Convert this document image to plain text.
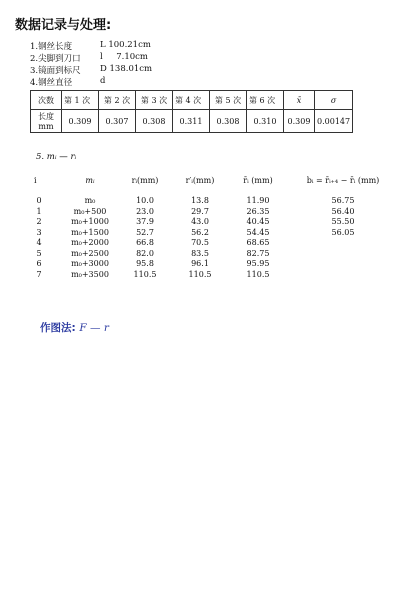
数据记录与处理:
1.钢丝长度	L 100.21cm
2.尖脚到刀口 l     7.10cm
3.镜面到标尺 D 138.01cm
4.钢丝直径	d
次数	第 1 次	第 2 次	第 3 次	第 4 次	第 5 次	第 6 次	x̄	σ
长度 mm	0.309	0.307	0.308	0.311	0.308	0.310	0.309	0.00147
5. mᵢ — rᵢ
i	mᵢ	rᵢ(mm)	r′ᵢ(mm)	r̄ᵢ (mm)	bᵢ = r̄ᵢ₊₄ − r̄ᵢ (mm)
0	m₀	10.0	13.8	11.90	56.75
1	m₀+500	23.0	29.7	26.35	56.40
2	m₀+1000	37.9	43.0	40.45	55.50
3	m₀+1500	52.7	56.2	54.45	56.05
4	m₀+2000	66.8	70.5	68.65
5	m₀+2500	82.0	83.5	82.75
6	m₀+3000	95.8	96.1	95.95
7	m₀+3500	110.5	110.5	110.5
作图法: F — r
